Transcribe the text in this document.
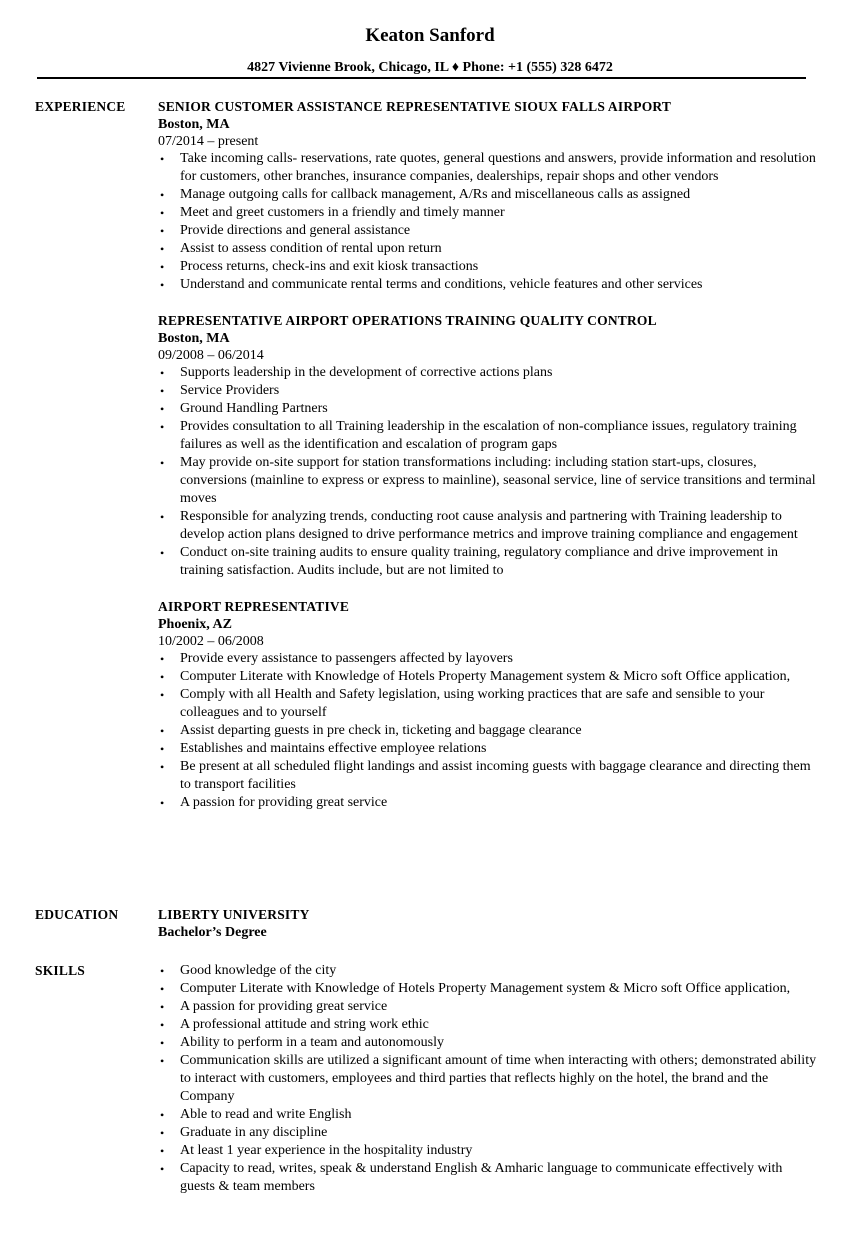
Keaton Sanford
4827 Vivienne Brook, Chicago, IL ♦ Phone: +1 (555) 328 6472
EXPERIENCE SENIOR CUSTOMER ASSISTANCE REPRESENTATIVE SIOUX FALLS AIRPORT
Boston, MA
07/2014 – present
• Take incoming calls- reservations, rate quotes, general questions and answers, provide information and resolution for customers, other branches, insurance companies, dealerships, repair shops and other vendors
• Manage outgoing calls for callback management, A/Rs and miscellaneous calls as assigned
• Meet and greet customers in a friendly and timely manner
• Provide directions and general assistance
• Assist to assess condition of rental upon return
• Process returns, check-ins and exit kiosk transactions
• Understand and communicate rental terms and conditions, vehicle features and other services
REPRESENTATIVE AIRPORT OPERATIONS TRAINING QUALITY CONTROL
Boston, MA
09/2008 – 06/2014
• Supports leadership in the development of corrective actions plans
• Service Providers
• Ground Handling Partners
• Provides consultation to all Training leadership in the escalation of non-compliance issues, regulatory training failures as well as the identification and escalation of program gaps
• May provide on-site support for station transformations including: including station start-ups, closures, conversions (mainline to express or express to mainline), seasonal service, line of service transitions and terminal moves
• Responsible for analyzing trends, conducting root cause analysis and partnering with Training leadership to develop action plans designed to drive performance metrics and improve training compliance and engagement
• Conduct on-site training audits to ensure quality training, regulatory compliance and drive improvement in training satisfaction. Audits include, but are not limited to
AIRPORT REPRESENTATIVE
Phoenix, AZ
10/2002 – 06/2008
• Provide every assistance to passengers affected by layovers
• Computer Literate with Knowledge of Hotels Property Management system & Micro soft Office application,
• Comply with all Health and Safety legislation, using working practices that are safe and sensible to your colleagues and to yourself
• Assist departing guests in pre check in, ticketing and baggage clearance
• Establishes and maintains effective employee relations
• Be present at all scheduled flight landings and assist incoming guests with baggage clearance and directing them to transport facilities
• A passion for providing great service
EDUCATION	LIBERTY UNIVERSITY
Bachelor’s Degree
SKILLS	• Good knowledge of the city
• Computer Literate with Knowledge of Hotels Property Management system & Micro soft Office application,
• A passion for providing great service
• A professional attitude and string work ethic
• Ability to perform in a team and autonomously
• Communication skills are utilized a significant amount of time when interacting with others; demonstrated ability to interact with customers, employees and third parties that reflects highly on the hotel, the brand and the Company
• Able to read and write English
• Graduate in any discipline
• At least 1 year experience in the hospitality industry
• Capacity to read, writes, speak & understand English & Amharic language to communicate effectively with guests & team members
